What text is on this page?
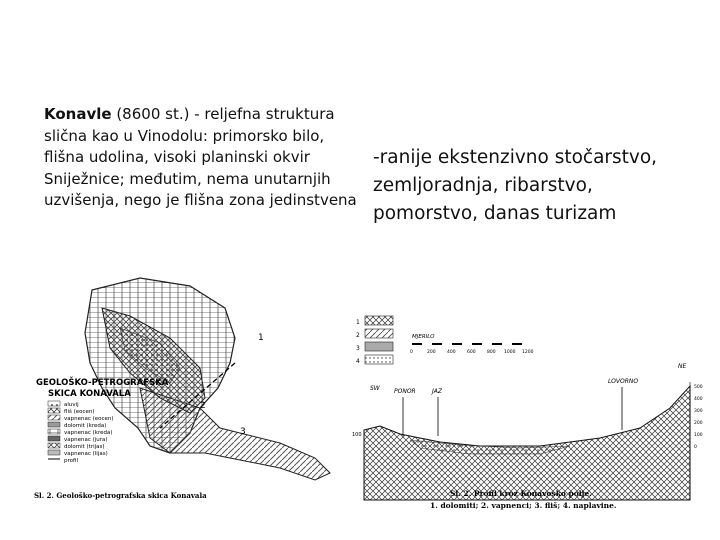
Konavle (8600 st.) - reljefna struktura slična kao u Vinodolu: primorsko bilo, flišna udolina, visoki planinski okvir Sniježnice; međutim, nema unutarnjih uzvišenja, nego je flišna zona jedinstvena
-ranije ekstenzivno stočarstvo, zemljoradnja, ribarstvo, pomorstvo, danas turizam
1
2
3
GEOLOŠKO-PETROGRAFSKA
SKICA KONAVALA
aluvij
fliš (eocen)
vapnenac (eocen)
dolomit (kreda)
vapnenac (kreda)
vapnenac (jura)
dolomit (trijas)
vapnenac (lijas)
profil
Sl. 2. Geološko-petrografska skica Konavala
1
2
3
4
MJERILO
0	200	400	600	800 1000 1200
SW PONOR	JAZ
LOVORNO
NE
100
500
400
300
200
100
0
Sl. 2. Profil kroz Konavosko polje.
1. dolomiti; 2. vapnenci; 3. fliš; 4. naplavine.
